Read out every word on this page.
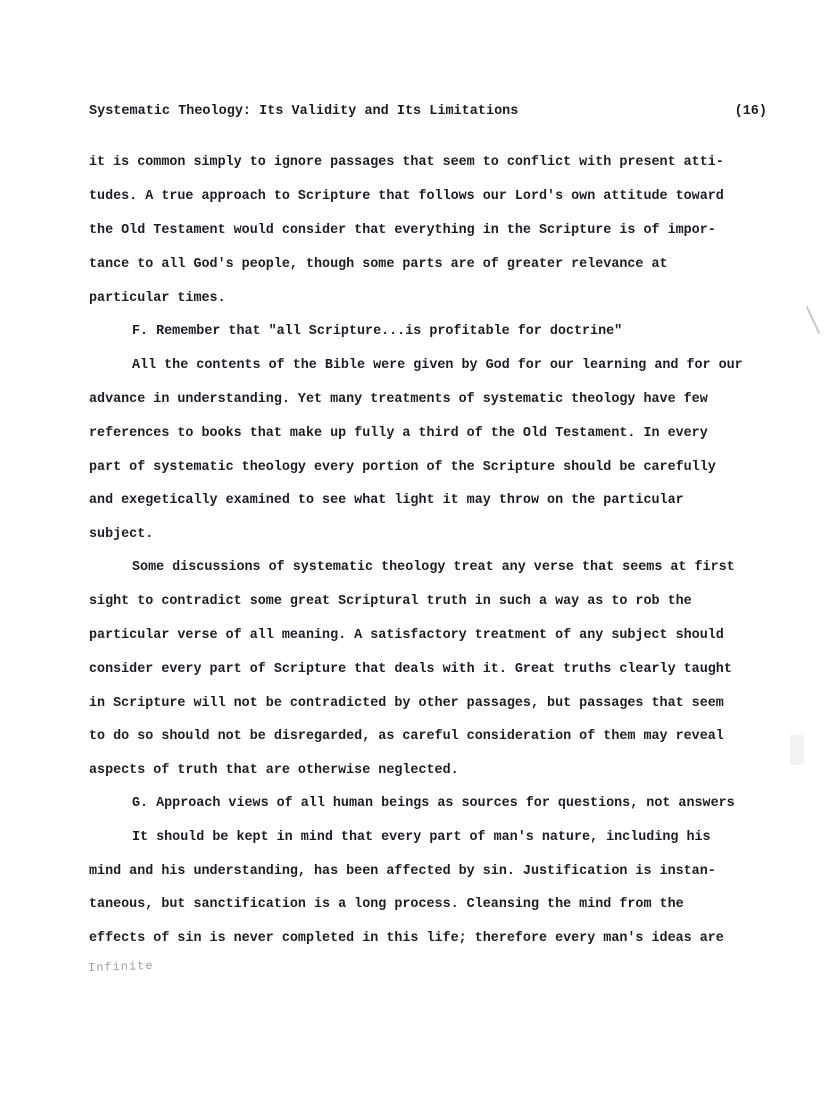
Systematic Theology: Its Validity and Its Limitations	(16)
it is common simply to ignore passages that seem to conflict with present atti-
tudes. A true approach to Scripture that follows our Lord's own attitude toward
the Old Testament would consider that everything in the Scripture is of impor-
tance to all God's people, though some parts are of greater relevance at
particular times.
F. Remember that "all Scripture...is profitable for doctrine"
All the contents of the Bible were given by God for our learning and for our
advance in understanding. Yet many treatments of systematic theology have few
references to books that make up fully a third of the Old Testament. In every
part of systematic theology every portion of the Scripture should be carefully
and exegetically examined to see what light it may throw on the particular
subject.
Some discussions of systematic theology treat any verse that seems at first
sight to contradict some great Scriptural truth in such a way as to rob the
particular verse of all meaning. A satisfactory treatment of any subject should
consider every part of Scripture that deals with it. Great truths clearly taught
in Scripture will not be contradicted by other passages, but passages that seem
to do so should not be disregarded, as careful consideration of them may reveal
aspects of truth that are otherwise neglected.
G. Approach views of all human beings as sources for questions, not answers
It should be kept in mind that every part of man's nature, including his
mind and his understanding, has been affected by sin. Justification is instan-
taneous, but sanctification is a long process. Cleansing the mind from the
effects of sin is never completed in this life; therefore every man's ideas are
Infinite
